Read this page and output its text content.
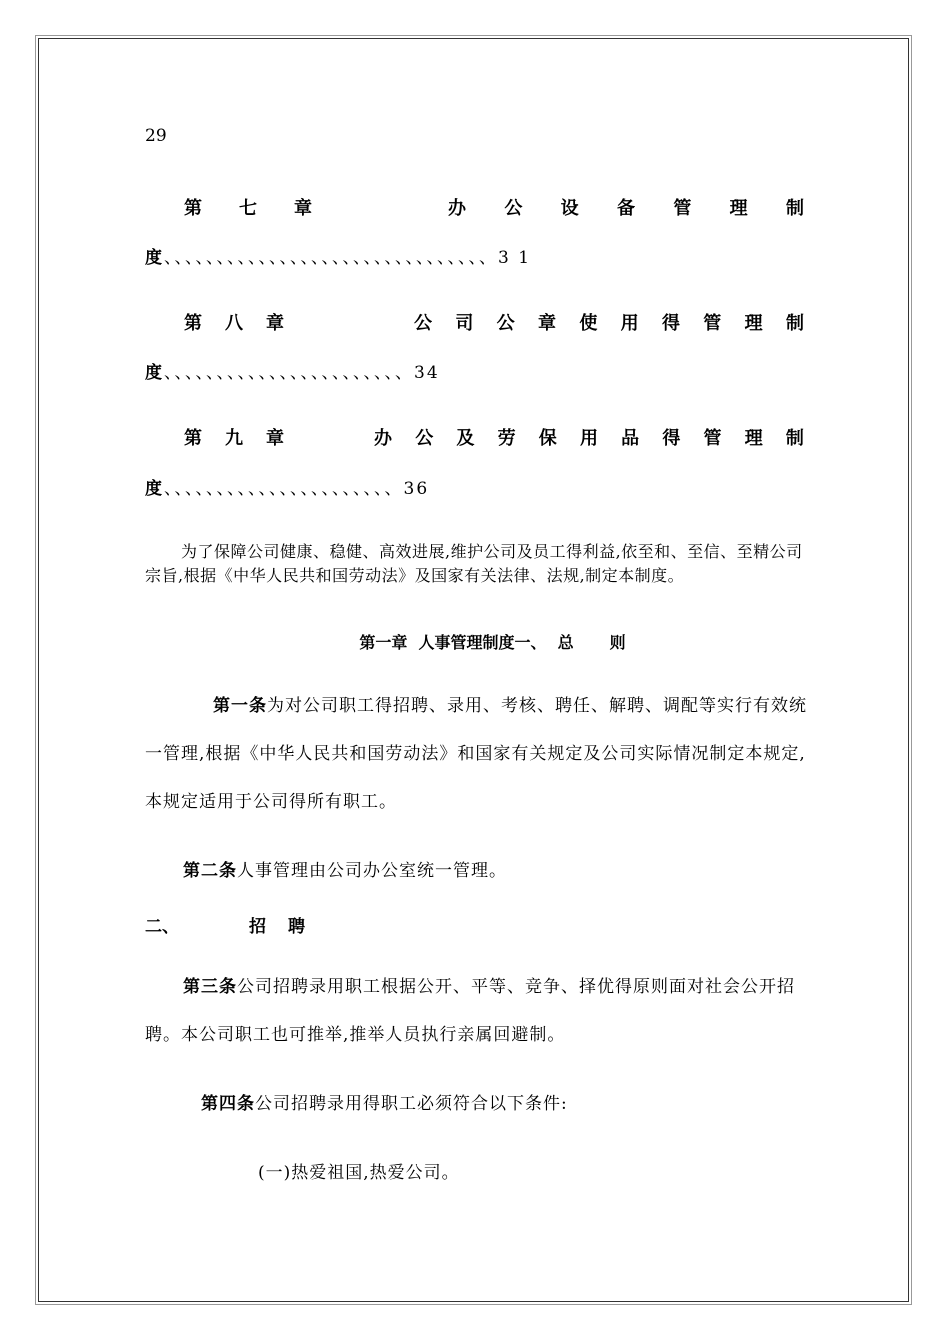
29
第 七 章	办 公 设 备 管 理 制
度、、、、、、、、、、、、、、、、、、、、、、、、、、、、、、、3 1
第 八 章	公 司 公 章 使 用 得 管 理 制
度、、、、、、、、、、、、、、、、、、、、、、、34
第 九 章	办 公 及 劳 保 用 品 得 管 理 制
度、、、、、、、、、、、、、、、、、、、、、、36
为了保障公司健康、稳健、高效进展,维护公司及员工得利益,依至和、至信、至精公司宗旨,根据《中华人民共和国劳动法》及国家有关法律、法规,制定本制度。
第一章  人事管理制度一、  总 则
第一条为对公司职工得招聘、录用、考核、聘任、解聘、调配等实行有效统一管理,根据《中华人民共和国劳动法》和国家有关规定及公司实际情况制定本规定,本规定适用于公司得所有职工。
第二条人事管理由公司办公室统一管理。
二、	招 聘
第三条公司招聘录用职工根据公开、平等、竞争、择优得原则面对社会公开招聘。本公司职工也可推举,推举人员执行亲属回避制。
第四条公司招聘录用得职工必须符合以下条件:
(一)热爱祖国,热爱公司。
